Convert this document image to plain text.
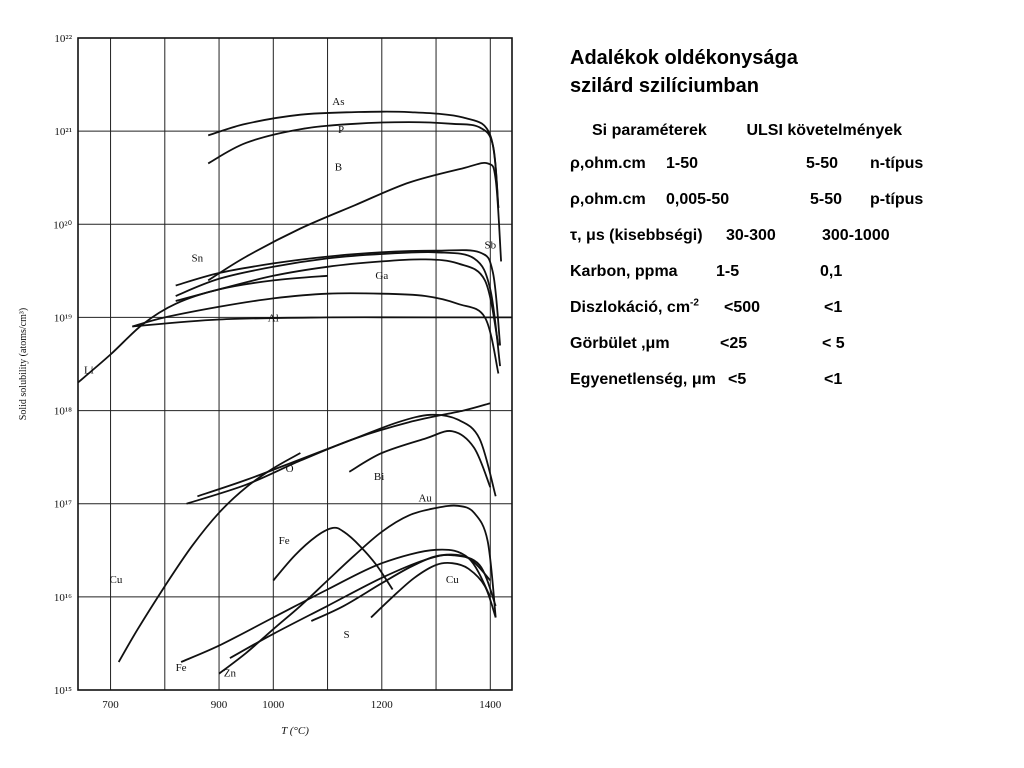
10²²
10²¹
10²⁰
10¹⁹
10¹⁸
10¹⁷
10¹⁶
10¹⁵
700	900	1000	1200	1400
As
P
B
Sb
Sn
Ga
Al
Li
O
Bi
Au
Cu	Cu
Fe
Fe	Zn
S
Solid solubility (atoms/cm³)
T (°C)
Adalékok oldékonysága
szilárd szilíciumban
Si paraméterek ULSI követelmények
ρ,ohm.cm 1-50	5-50 n-típus
ρ,ohm.cm 0,005-50	5-50 p-típus
τ, μs (kisebbségi) 30-300	300-1000
Karbon, ppma 1-5	0,1
Diszlokáció, $cm^{-2} <500$	<1
Görbület ,μm	<25	< 5
Egyenetlenség, μm <5	<1
